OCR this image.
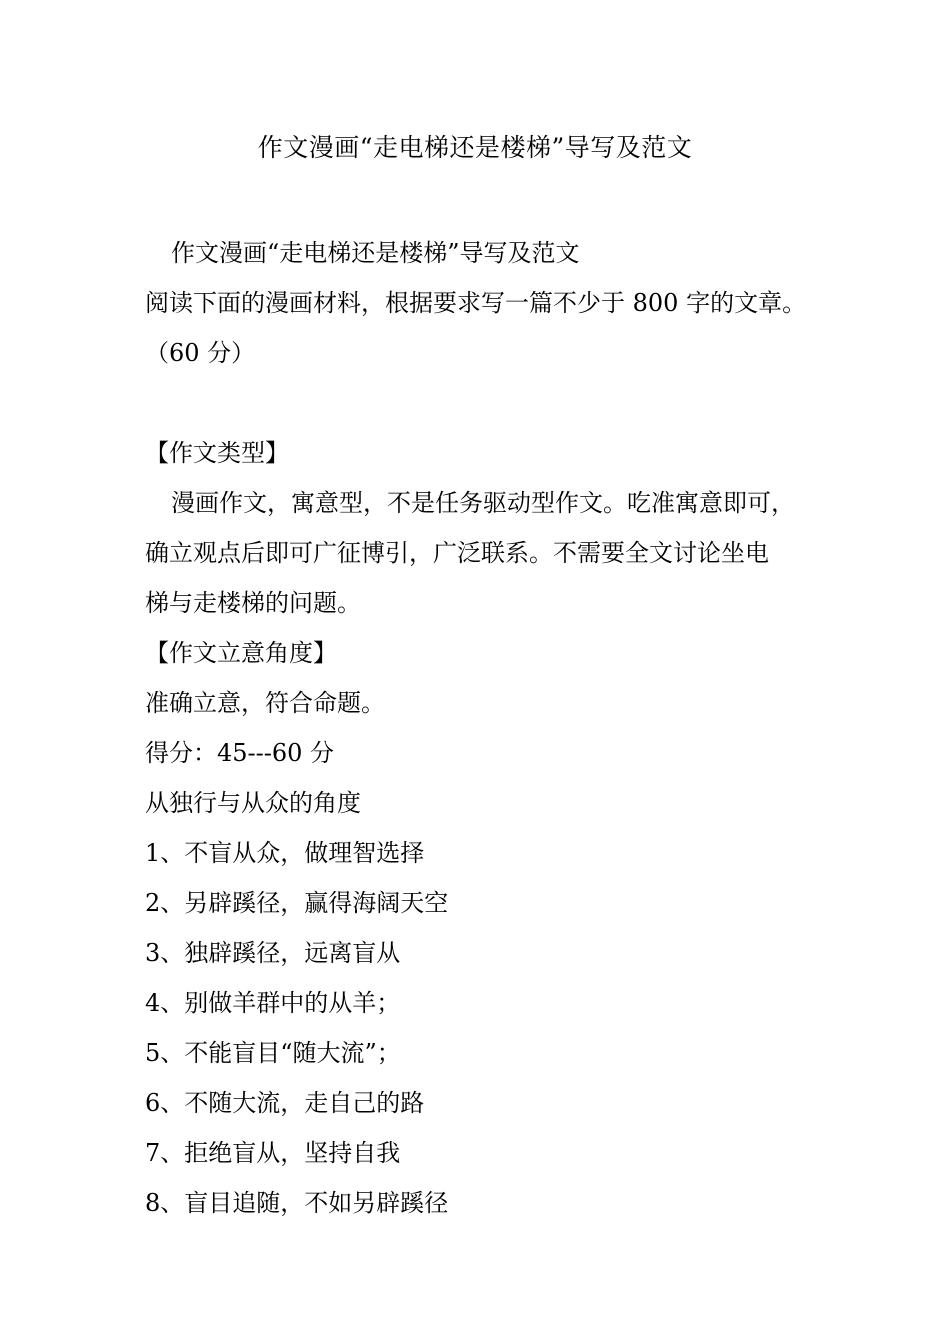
作文漫画“走电梯还是楼梯”导写及范文
作文漫画“走电梯还是楼梯”导写及范文
阅读下面的漫画材料，根据要求写一篇不少于 800 字的文章。
（60 分）
【作文类型】
漫画作文，寓意型，不是任务驱动型作文。吃准寓意即可，
确立观点后即可广征博引，广泛联系。不需要全文讨论坐电
梯与走楼梯的问题。
【作文立意角度】
准确立意，符合命题。
得分：45---60 分
从独行与从众的角度
1、不盲从众，做理智选择
2、另辟蹊径，赢得海阔天空
3、独辟蹊径，远离盲从
4、别做羊群中的从羊；
5、不能盲目“随大流”；
6、不随大流，走自己的路
7、拒绝盲从，坚持自我
8、盲目追随，不如另辟蹊径
